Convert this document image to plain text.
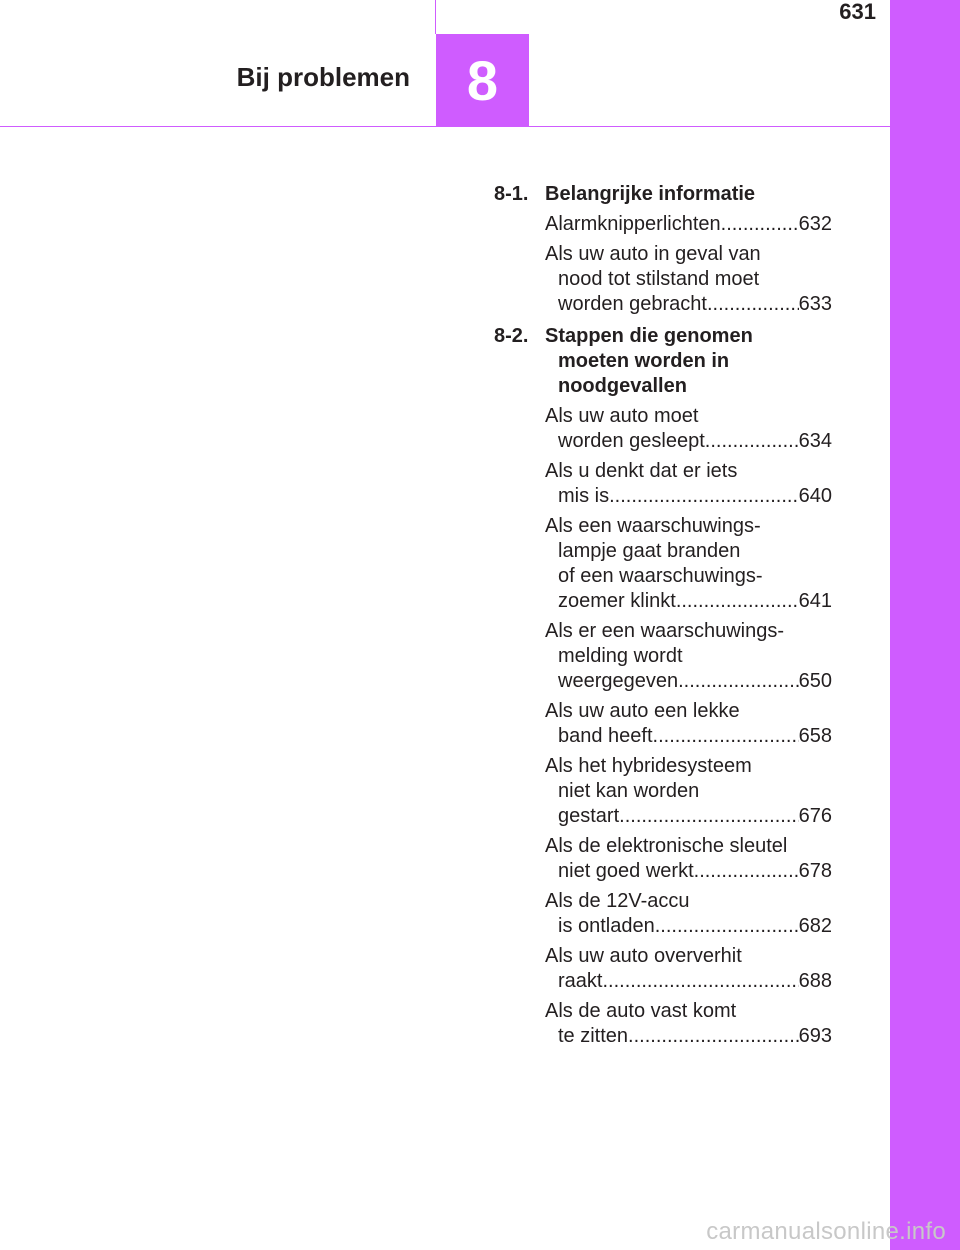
631
Bij problemen 8
8-1. Belangrijke informatie
Alarmknipperlichten .....	632
Als uw auto in geval van
nood tot stilstand moet
worden gebracht .....	633
8-2. Stappen die genomen
moeten worden in
noodgevallen
Als uw auto moet
worden gesleept .....	634
Als u denkt dat er iets
mis is .....	640
Als een waarschuwings-
lampje gaat branden
of een waarschuwings-
zoemer klinkt .....	641
Als er een waarschuwings-
melding wordt
weergegeven .....	650
Als uw auto een lekke
band heeft. .....	658
Als het hybridesysteem
niet kan worden
gestart. .....	676
Als de elektronische sleutel
niet goed werkt .....	678
Als de 12V-accu
is ontladen .....	682
Als uw auto oververhit
raakt. .....	688
Als de auto vast komt
te zitten .....	693
carmanualsonline.info
